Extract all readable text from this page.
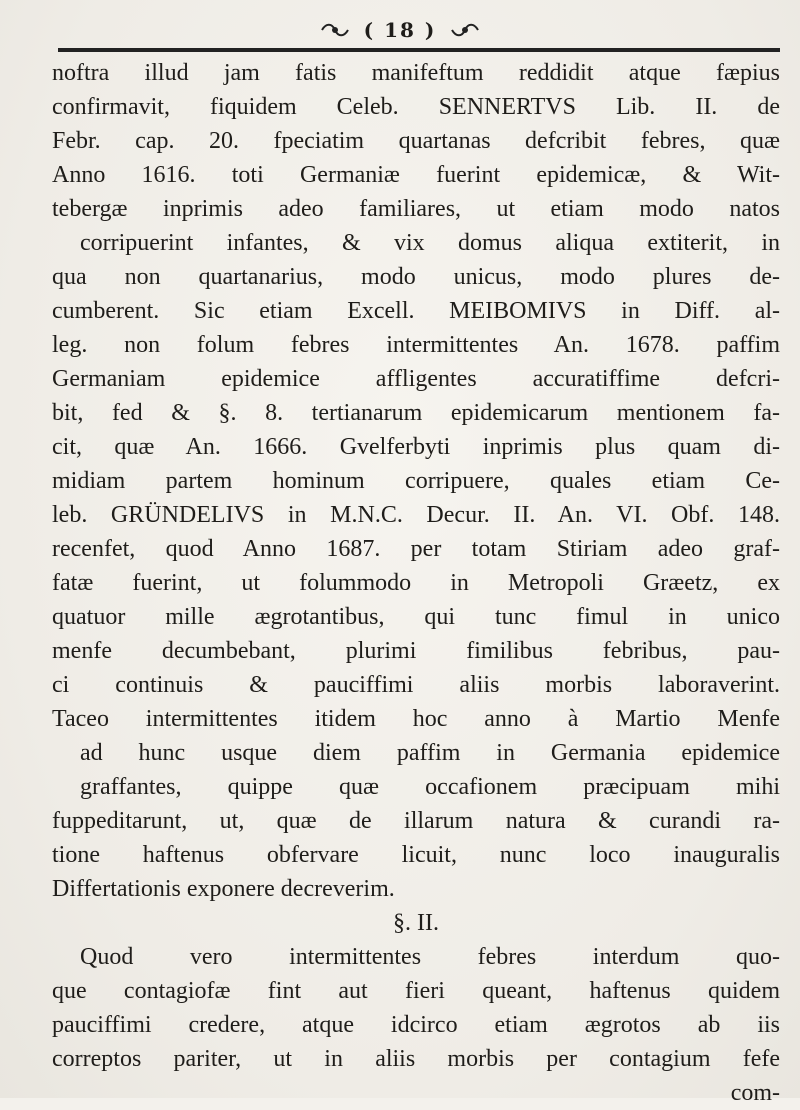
( 18 )
noftra illud jam fatis manifeftum reddidit atque fæpius
confirmavit, fiquidem Celeb. SENNERTVS Lib. II. de
Febr. cap. 20. fpeciatim quartanas defcribit febres, quæ
Anno 1616. toti Germaniæ fuerint epidemicæ, & Wit-
tebergæ inprimis adeo familiares, ut etiam modo natos
corripuerint infantes, & vix domus aliqua extiterit, in
qua non quartanarius, modo unicus, modo plures de-
cumberent. Sic etiam Excell. MEIBOMIVS in Diff. al-
leg. non folum febres intermittentes An. 1678. paffim
Germaniam epidemice affligentes accuratiffime defcri-
bit, fed & §. 8. tertianarum epidemicarum mentionem fa-
cit, quæ An. 1666. Gvelferbyti inprimis plus quam di-
midiam partem hominum corripuere, quales etiam Ce-
leb. GRÜNDELIVS in M.N.C. Decur. II. An. VI. Obf. 148.
recenfet, quod Anno 1687. per totam Stiriam adeo graf-
fatæ fuerint, ut folummodo in Metropoli Græetz, ex
quatuor mille ægrotantibus, qui tunc fimul in unico
menfe decumbebant, plurimi fimilibus febribus, pau-
ci continuis & pauciffimi aliis morbis laboraverint.
Taceo intermittentes itidem hoc anno à Martio Menfe
ad hunc usque diem paffim in Germania epidemice
graffantes, quippe quæ occafionem præcipuam mihi
fuppeditarunt, ut, quæ de illarum natura & curandi ra-
tione haftenus obfervare licuit, nunc loco inauguralis
Differtationis exponere decreverim.
§. II.
Quod vero intermittentes febres interdum quo-
que contagiofæ fint aut fieri queant, haftenus quidem
pauciffimi credere, atque idcirco etiam ægrotos ab iis
correptos pariter, ut in aliis morbis per contagium fefe
com-
